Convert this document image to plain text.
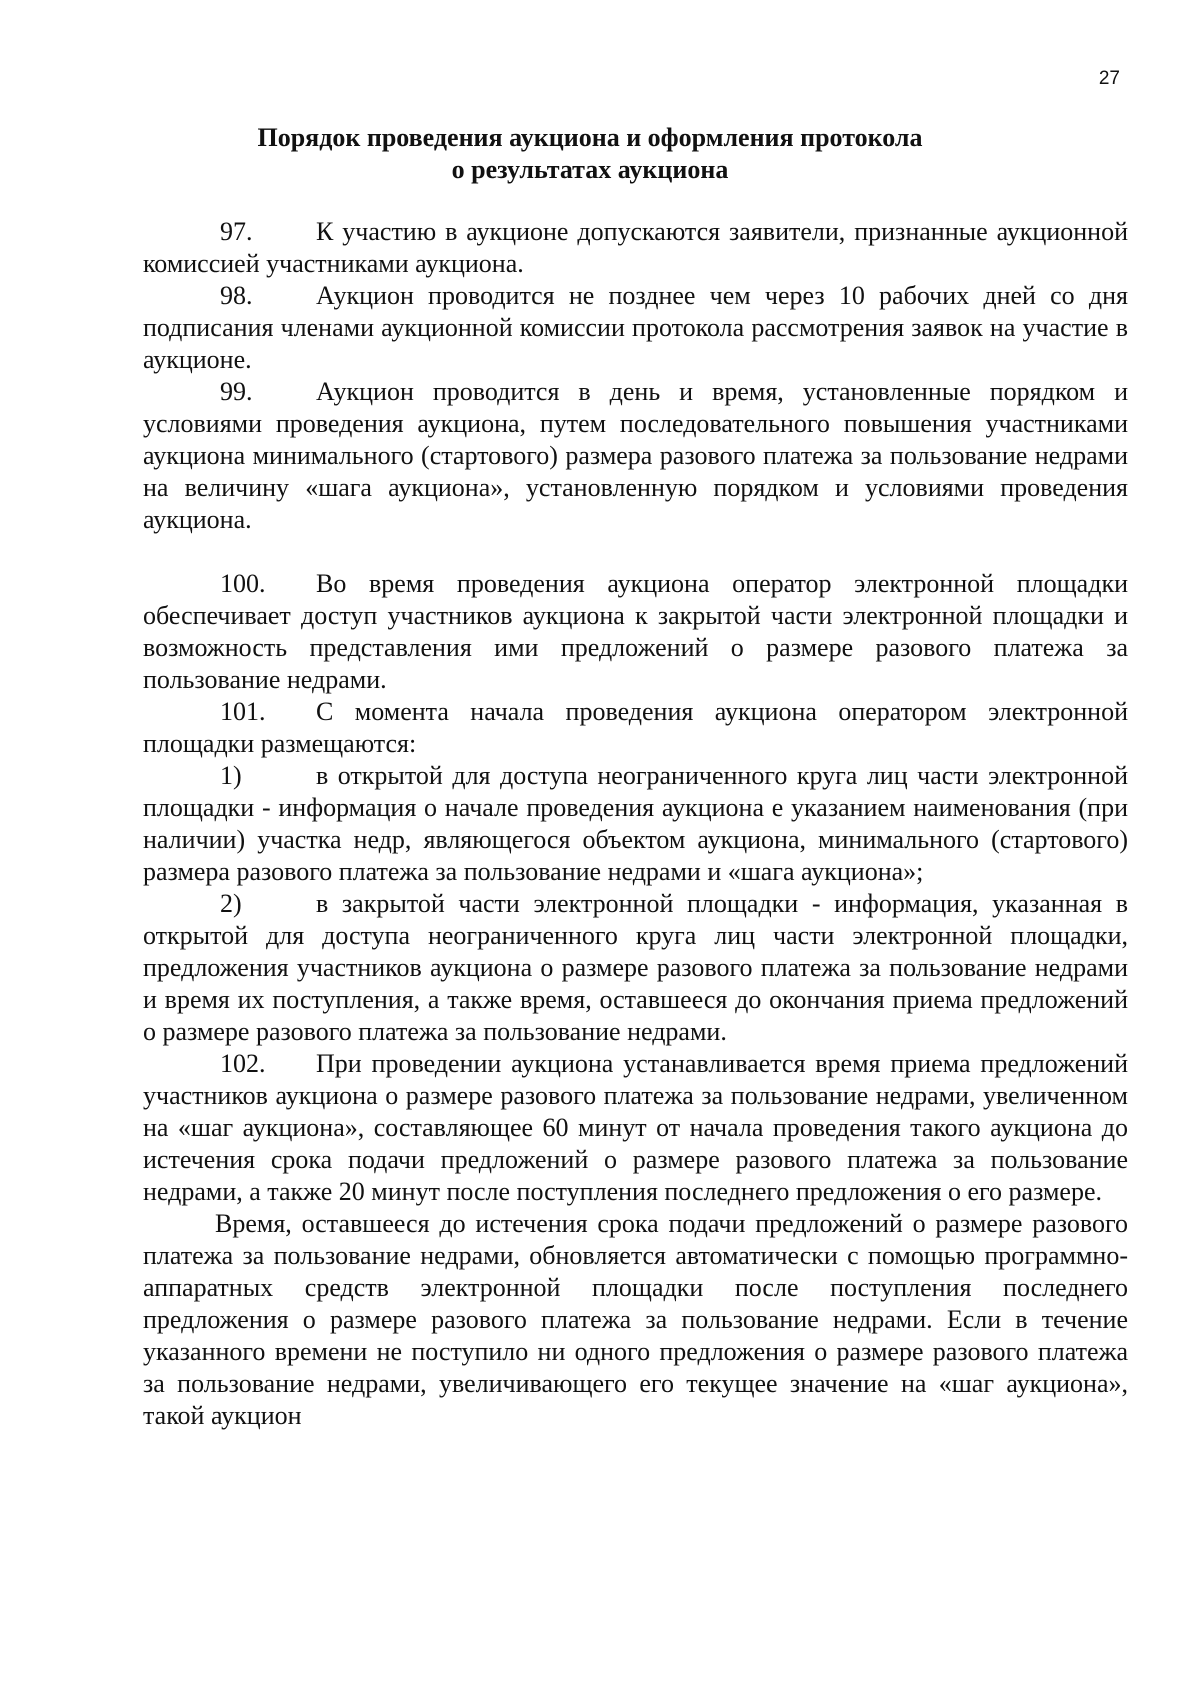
27
Порядок проведения аукциона и оформления протокола
о результатах аукциона

97. К участию в аукционе допускаются заявители, признанные аукционной комиссией участниками аукциона.

98. Аукцион проводится не позднее чем через 10 рабочих дней со дня подписания членами аукционной комиссии протокола рассмотрения заявок на участие в аукционе.

99. Аукцион проводится в день и время, установленные порядком и условиями проведения аукциона, путем последовательного повышения участниками аукциона минимального (стартового) размера разового платежа за пользование недрами на величину «шага аукциона», установленную порядком и условиями проведения аукциона.

100. Во время проведения аукциона оператор электронной площадки обеспечивает доступ участников аукциона к закрытой части электронной площадки и возможность представления ими предложений о размере разового платежа за пользование недрами.

101. С момента начала проведения аукциона оператором электронной площадки размещаются:

1)	в открытой для доступа неограниченного круга лиц части электронной площадки - информация о начале проведения аукциона е указанием наименования (при наличии) участка недр, являющегося объектом аукциона, минимального (стартового) размера разового платежа за пользование недрами и «шага аукциона»;

2)	в закрытой части электронной площадки - информация, указанная в открытой для доступа неограниченного круга лиц части электронной площадки, предложения участников аукциона о размере разового платежа за пользование недрами и время их поступления, а также время, оставшееся до окончания приема предложений о размере разового платежа за пользование недрами.

102. При проведении аукциона устанавливается время приема предложений участников аукциона о размере разового платежа за пользование недрами, увеличенном на «шаг аукциона», составляющее 60 минут от начала проведения такого аукциона до истечения срока подачи предложений о размере разового платежа за пользование недрами, а также 20 минут после поступления последнего предложения о его размере.

Время, оставшееся до истечения срока подачи предложений о размере разового платежа за пользование недрами, обновляется автоматически с помощью программно-аппаратных средств электронной площадки после поступления последнего предложения о размере разового платежа за пользование недрами. Если в течение указанного времени не поступило ни одного предложения о размере разового платежа за пользование недрами, увеличивающего его текущее значение на «шаг аукциона», такой аукцион
